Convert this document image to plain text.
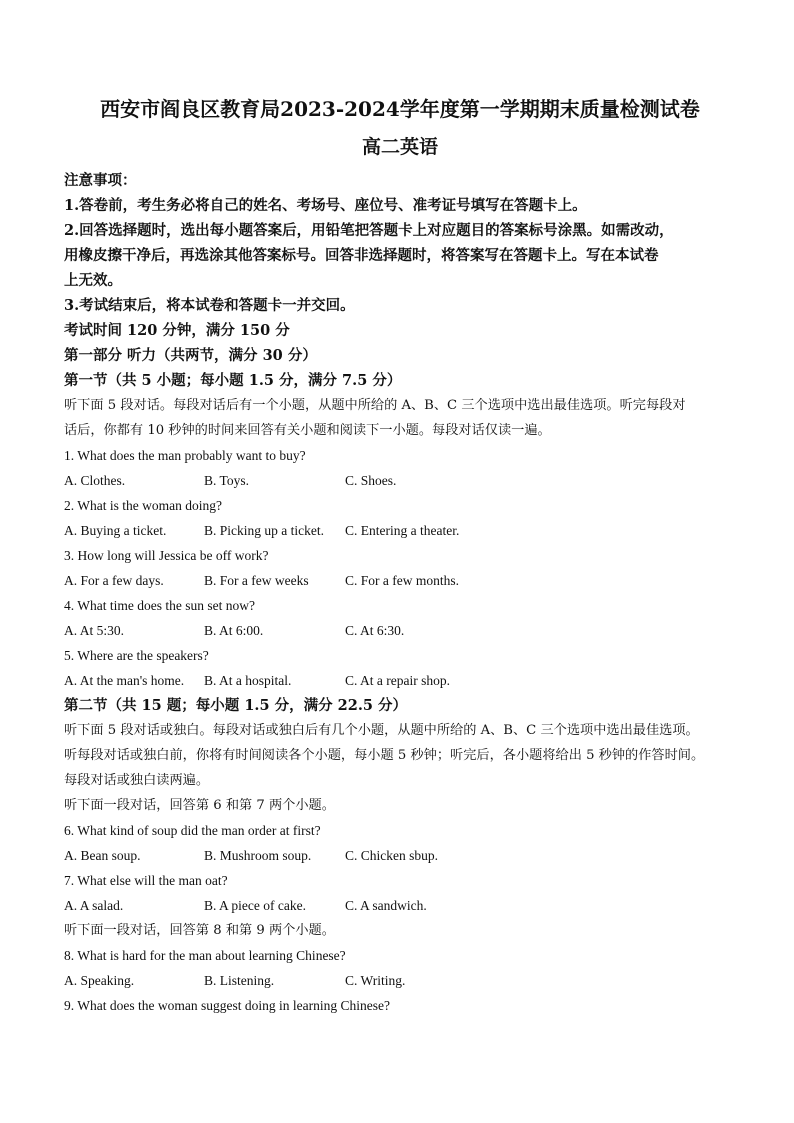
西安市阎良区教育局2023-2024学年度第一学期期末质量检测试卷
高二英语
注意事项：
1.答卷前，考生务必将自己的姓名、考场号、座位号、准考证号填写在答题卡上。
2.回答选择题时，选出每小题答案后，用铅笔把答题卡上对应题目的答案标号涂黑。如需改动，
用橡皮擦干净后，再选涂其他答案标号。回答非选择题时，将答案写在答题卡上。写在本试卷
上无效。
3.考试结束后，将本试卷和答题卡一并交回。
考试时间 120 分钟，满分 150 分
第一部分 听力（共两节，满分 30 分）
第一节（共 5 小题；每小题 1.5 分，满分 7.5 分）
听下面 5 段对话。每段对话后有一个小题，从题中所给的 A、B、C 三个选项中选出最佳选项。听完每段对
话后，你都有 10 秒钟的时间来回答有关小题和阅读下一小题。每段对话仅读一遍。
1. What does the man probably want to buy?
A. Clothes.	B. Toys.	C. Shoes.
2. What is the woman doing?
A. Buying a ticket.	B. Picking up a ticket.	C. Entering a theater.
3. How long will Jessica be off work?
A. For a few days.	B. For a few weeks	C. For a few months.
4. What time does the sun set now?
A. At 5:30.	B. At 6:00.	C. At 6:30.
5. Where are the speakers?
A. At the man's home.	B. At a hospital.	C. At a repair shop.
第二节（共 15 题；每小题 1.5 分，满分 22.5 分）
听下面 5 段对话或独白。每段对话或独白后有几个小题，从题中所给的 A、B、C 三个选项中选出最佳选项。
听每段对话或独白前，你将有时间阅读各个小题，每小题 5 秒钟；听完后，各小题将给出 5 秒钟的作答时间。
每段对话或独白读两遍。
听下面一段对话，回答第 6 和第 7 两个小题。
6. What kind of soup did the man order at first?
A. Bean soup.	B. Mushroom soup.	C. Chicken sbup.
7. What else will the man oat?
A. A salad.	B. A piece of cake.	C. A sandwich.
听下面一段对话，回答第 8 和第 9 两个小题。
8. What is hard for the man about learning Chinese?
A. Speaking.	B. Listening.	C. Writing.
9. What does the woman suggest doing in learning Chinese?
